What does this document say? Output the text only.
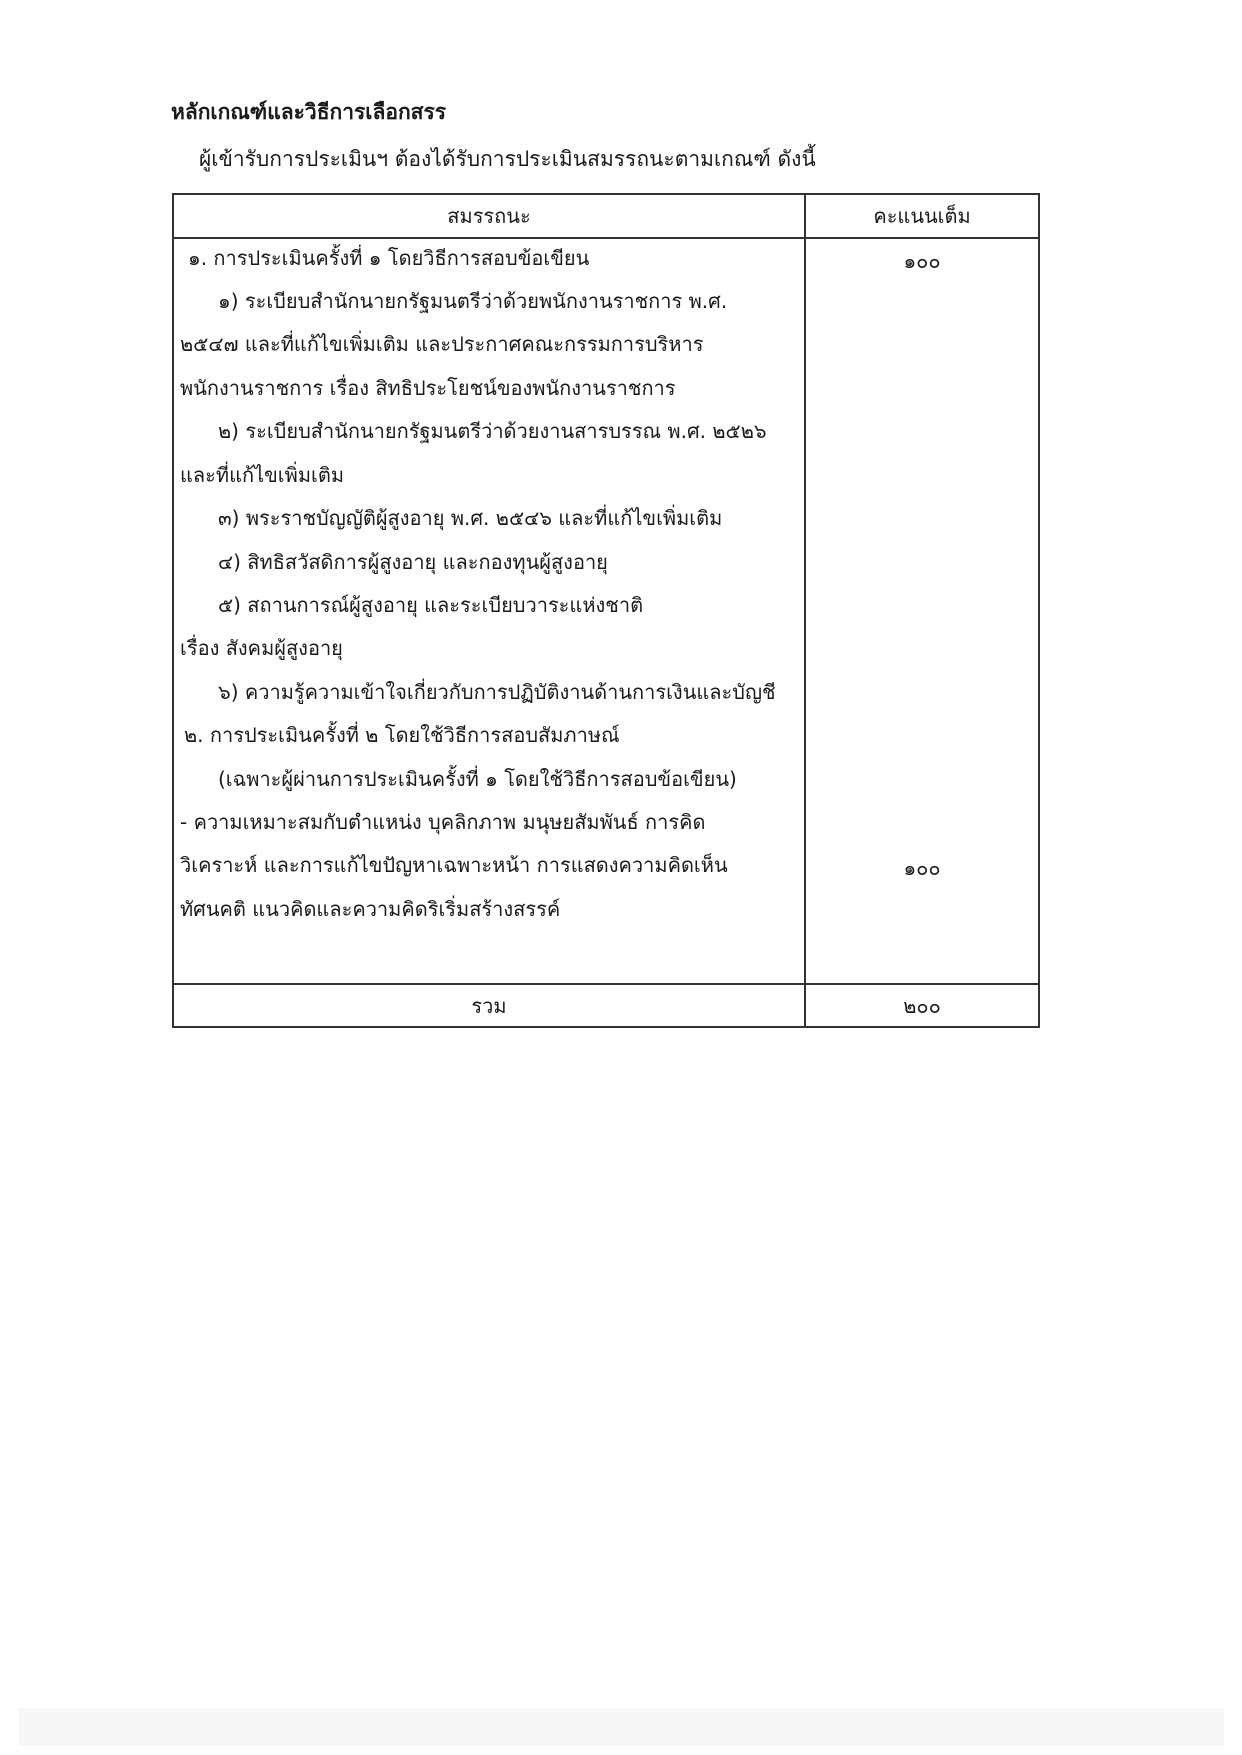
หลักเกณฑ์และวิธีการเลือกสรร
ผู้เข้ารับการประเมินฯ ต้องได้รับการประเมินสมรรถนะตามเกณฑ์ ดังนี้
สมรรถนะ	คะแนนเต็ม
๑. การประเมินครั้งที่ ๑ โดยวิธีการสอบข้อเขียน
๑) ระเบียบสำนักนายกรัฐมนตรีว่าด้วยพนักงานราชการ พ.ศ.
๒๕๔๗ และที่แก้ไขเพิ่มเติม และประกาศคณะกรรมการบริหาร
พนักงานราชการ เรื่อง สิทธิประโยชน์ของพนักงานราชการ
๒) ระเบียบสำนักนายกรัฐมนตรีว่าด้วยงานสารบรรณ พ.ศ. ๒๕๒๖
และที่แก้ไขเพิ่มเติม
๓) พระราชบัญญัติผู้สูงอายุ พ.ศ. ๒๕๔๖ และที่แก้ไขเพิ่มเติม
๔) สิทธิสวัสดิการผู้สูงอายุ และกองทุนผู้สูงอายุ
๕) สถานการณ์ผู้สูงอายุ และระเบียบวาระแห่งชาติ
เรื่อง สังคมผู้สูงอายุ
๖) ความรู้ความเข้าใจเกี่ยวกับการปฏิบัติงานด้านการเงินและบัญชี
๒. การประเมินครั้งที่ ๒ โดยใช้วิธีการสอบสัมภาษณ์
(เฉพาะผู้ผ่านการประเมินครั้งที่ ๑ โดยใช้วิธีการสอบข้อเขียน)
- ความเหมาะสมกับตำแหน่ง บุคลิกภาพ มนุษยสัมพันธ์ การคิด
วิเคราะห์ และการแก้ไขปัญหาเฉพาะหน้า การแสดงความคิดเห็น
ทัศนคติ แนวคิดและความคิดริเริ่มสร้างสรรค์
๑๐๐
๑๐๐
รวม	๒๐๐
